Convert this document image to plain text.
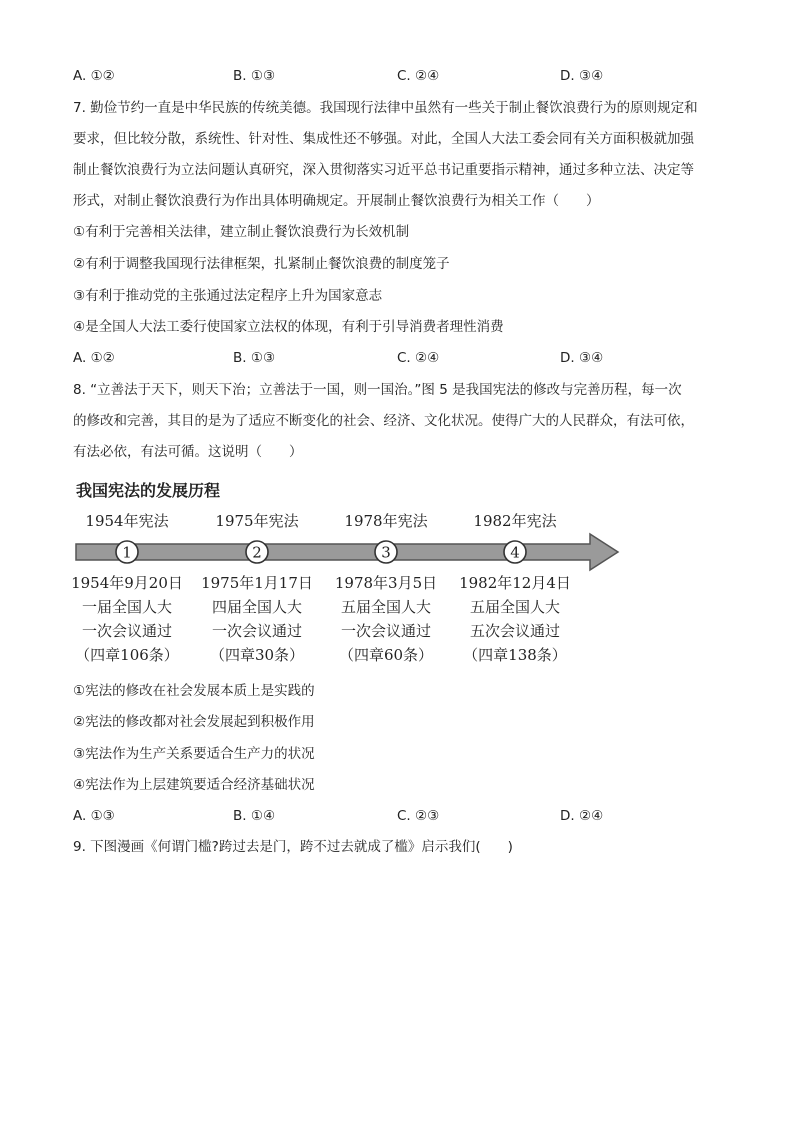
A. ①②	B. ①③	C. ②④	D. ③④
7. 勤俭节约一直是中华民族的传统美德。我国现行法律中虽然有一些关于制止餐饮浪费行为的原则规定和
要求，但比较分散，系统性、针对性、集成性还不够强。对此，全国人大法工委会同有关方面积极就加强
制止餐饮浪费行为立法问题认真研究，深入贯彻落实习近平总书记重要指示精神，通过多种立法、决定等
形式，对制止餐饮浪费行为作出具体明确规定。开展制止餐饮浪费行为相关工作（　　）
①有利于完善相关法律，建立制止餐饮浪费行为长效机制
②有利于调整我国现行法律框架，扎紧制止餐饮浪费的制度笼子
③有利于推动党的主张通过法定程序上升为国家意志
④是全国人大法工委行使国家立法权的体现，有利于引导消费者理性消费
A. ①②	B. ①③	C. ②④	D. ③④
8. “立善法于天下，则天下治；立善法于一国，则一国治。”图 5 是我国宪法的修改与完善历程，每一次
的修改和完善，其目的是为了适应不断变化的社会、经济、文化状况。使得广大的人民群众，有法可依，
有法必依，有法可循。这说明（　　）
我国宪法的发展历程
1954年宪法	1975年宪法	1978年宪法	1982年宪法
1	2	3	4
1954年9月20日
一届全国人大
一次会议通过
（四章106条）
1975年1月17日
四届全国人大
一次会议通过
（四章30条）
1978年3月5日
五届全国人大
一次会议通过
（四章60条）
1982年12月4日
五届全国人大
五次会议通过
（四章138条）
①宪法的修改在社会发展本质上是实践的
②宪法的修改都对社会发展起到积极作用
③宪法作为生产关系要适合生产力的状况
④宪法作为上层建筑要适合经济基础状况
A. ①③	B. ①④	C. ②③	D. ②④
9. 下图漫画《何谓门槛?跨过去是门，跨不过去就成了槛》启示我们(　　)
